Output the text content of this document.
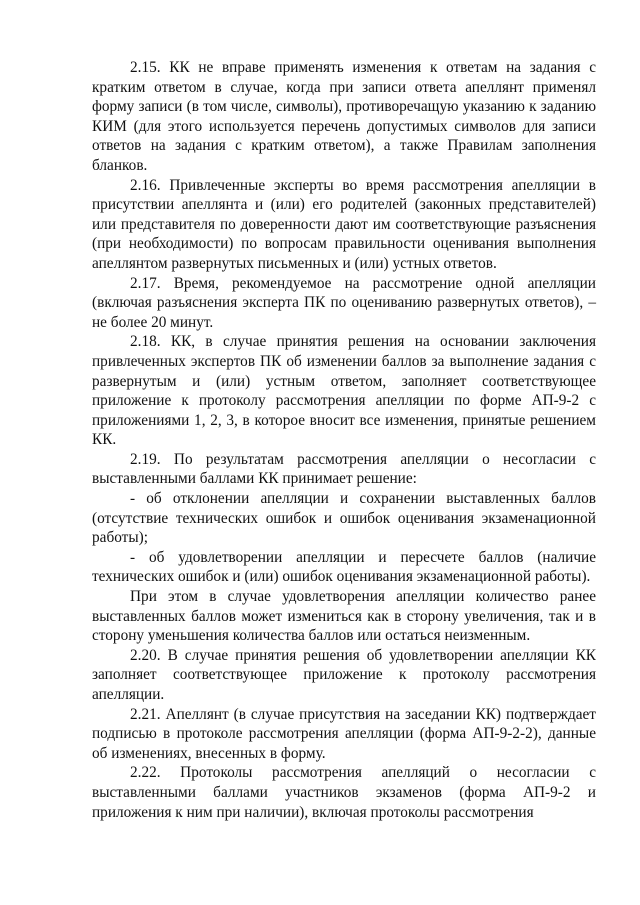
2.15. КК не вправе применять изменения к ответам на задания с кратким ответом в случае, когда при записи ответа апеллянт применял форму записи (в том числе, символы), противоречащую указанию к заданию КИМ (для этого используется перечень допустимых символов для записи ответов на задания с кратким ответом), а также Правилам заполнения бланков.

2.16. Привлеченные эксперты во время рассмотрения апелляции в присутствии апеллянта и (или) его родителей (законных представителей) или представителя по доверенности дают им соответствующие разъяснения (при необходимости) по вопросам правильности оценивания выполнения апеллянтом развернутых письменных и (или) устных ответов.

2.17. Время, рекомендуемое на рассмотрение одной апелляции (включая разъяснения эксперта ПК по оцениванию развернутых ответов), – не более 20 минут.

2.18. КК, в случае принятия решения на основании заключения привлеченных экспертов ПК об изменении баллов за выполнение задания с развернутым и (или) устным ответом, заполняет соответствующее приложение к протоколу рассмотрения апелляции по форме АП-9-2 с приложениями 1, 2, 3, в которое вносит все изменения, принятые решением КК.

2.19. По результатам рассмотрения апелляции о несогласии с выставленными баллами КК принимает решение:

- об отклонении апелляции и сохранении выставленных баллов (отсутствие технических ошибок и ошибок оценивания экзаменационной работы);

- об удовлетворении апелляции и пересчете баллов (наличие технических ошибок и (или) ошибок оценивания экзаменационной работы).

При этом в случае удовлетворения апелляции количество ранее выставленных баллов может измениться как в сторону увеличения, так и в сторону уменьшения количества баллов или остаться неизменным.

2.20. В случае принятия решения об удовлетворении апелляции КК заполняет соответствующее приложение к протоколу рассмотрения апелляции.

2.21. Апеллянт (в случае присутствия на заседании КК) подтверждает подписью в протоколе рассмотрения апелляции (форма АП-9-2-2), данные об изменениях, внесенных в форму.

2.22. Протоколы рассмотрения апелляций о несогласии с выставленными баллами участников экзаменов (форма АП-9-2 и приложения к ним при наличии), включая протоколы рассмотрения
